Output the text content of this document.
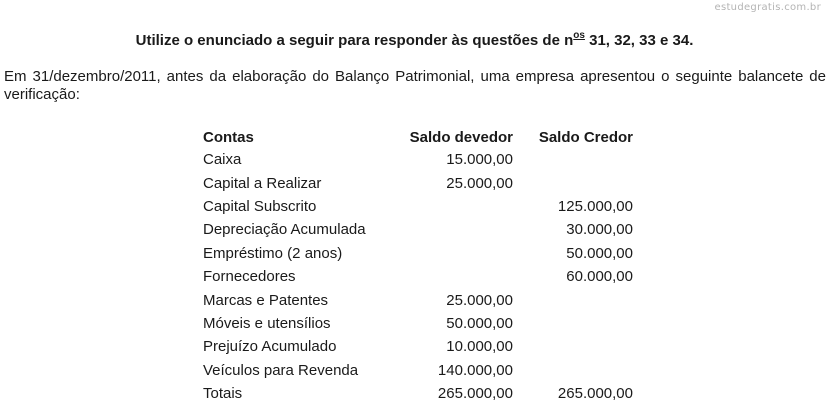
estudegratis.com.br
Utilize o enunciado a seguir para responder às questões de $n^{os}$ 31, 32, 33 e 34.
Em 31/dezembro/2011, antes da elaboração do Balanço Patrimonial, uma empresa apresentou o seguinte balancete de verificação:
Contas	Saldo devedor	Saldo Credor
Caixa	15.000,00	
Capital a Realizar	25.000,00	
Capital Subscrito		125.000,00
Depreciação Acumulada		30.000,00
Empréstimo (2 anos)		50.000,00
Fornecedores		60.000,00
Marcas e Patentes	25.000,00	
Móveis e utensílios	50.000,00	
Prejuízo Acumulado	10.000,00	
Veículos para Revenda	140.000,00	
Totais	265.000,00	265.000,00
